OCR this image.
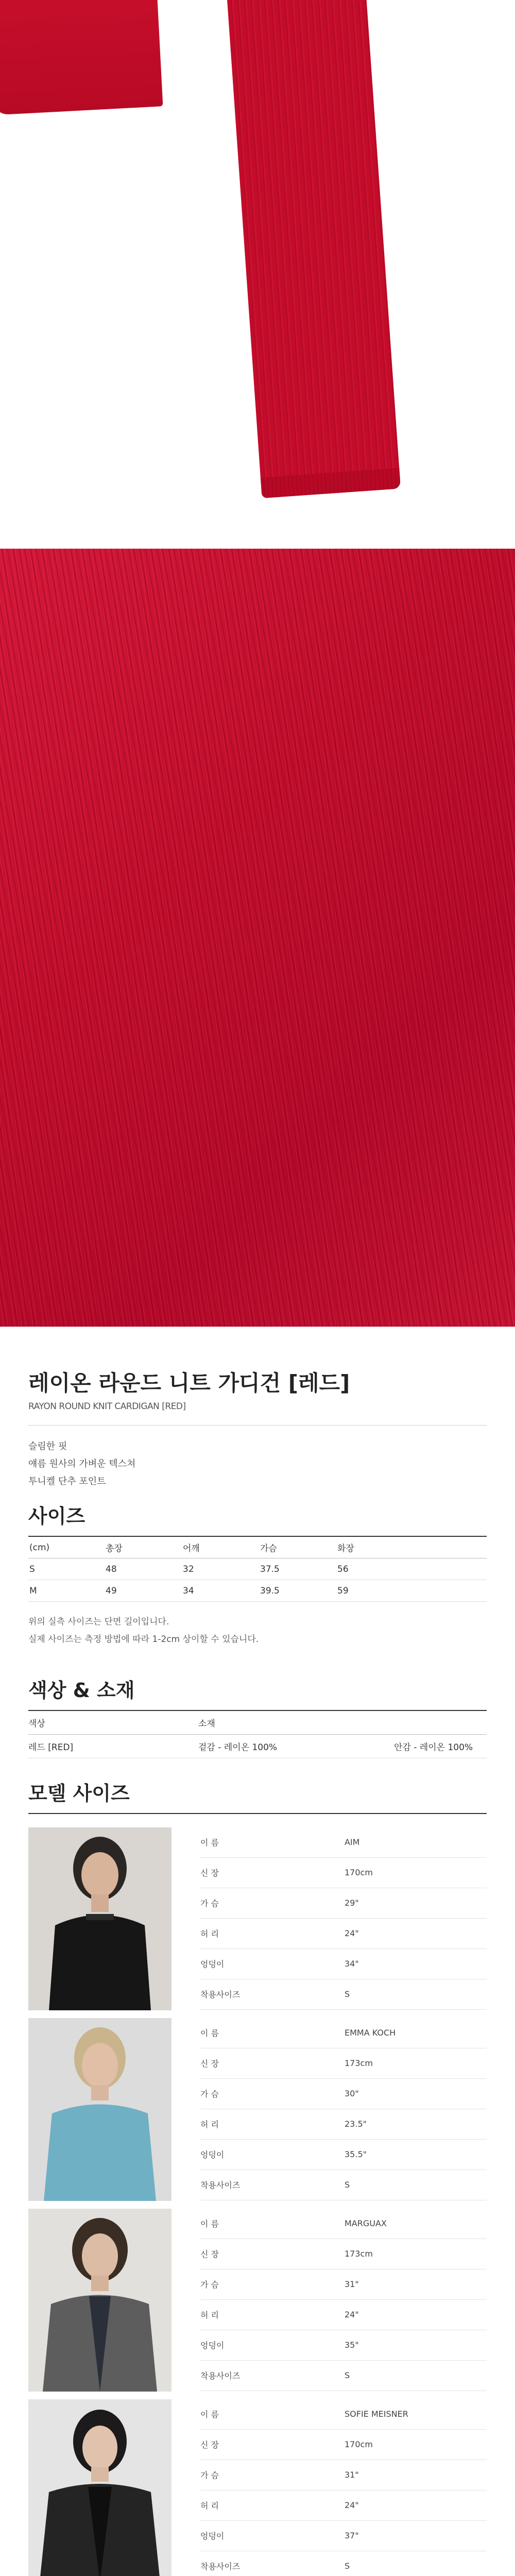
레이온 라운드 니트 가디건 [레드]
RAYON ROUND KNIT CARDIGAN [RED]
슬림한 핏
얘름 원사의 가벼운 텍스쳐
투니켈 단추 포인트
사이즈
(cm)	총장	어깨	가슴	화장
S	48	32	37.5	56
M	49	34	39.5	59
위의 실측 사이즈는 단면 길이입니다.
실제 사이즈는 측정 방법에 따라 1-2cm 상이할 수 있습니다.
색상 & 소재
색상	소재
레드 [RED]	겉감 - 레이온 100%	안감 - 레이온 100%
모델 사이즈
이 름	AIM
신 장	170cm
가 슴	29"
허 리	24"
엉덩이	34"
착용사이즈	S
이 름	EMMA KOCH
신 장	173cm
가 슴	30"
허 리	23.5"
엉덩이	35.5"
착용사이즈	S
이 름	MARGUAX
신 장	173cm
가 슴	31"
허 리	24"
엉덩이	35"
착용사이즈	S
이 름	SOFIE MEISNER
신 장	170cm
가 슴	31"
허 리	24"
엉덩이	37"
착용사이즈	S
